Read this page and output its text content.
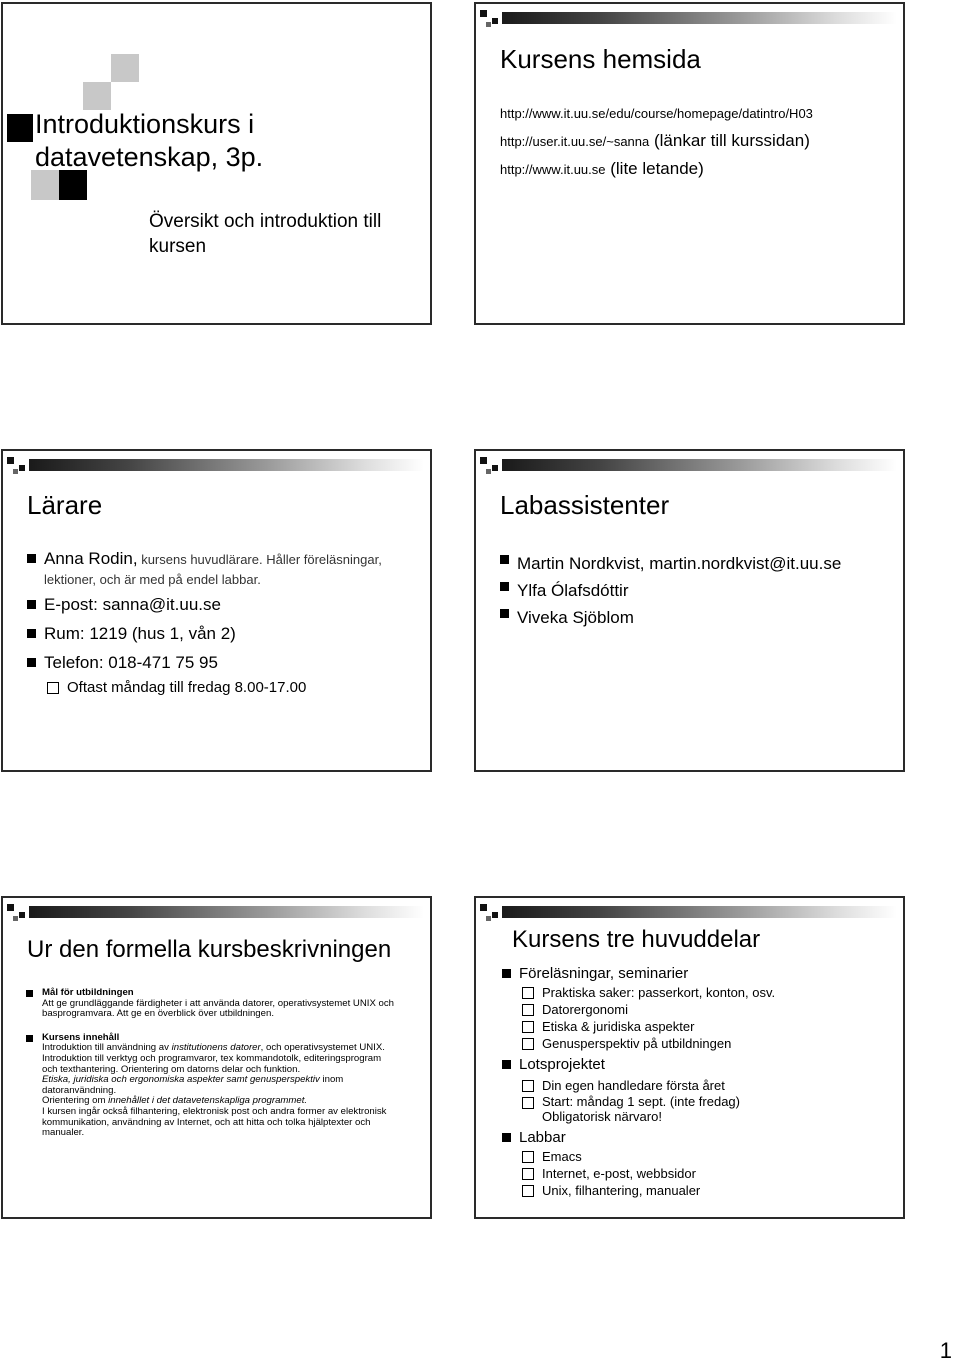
Introduktionskurs i
datavetenskap, 3p.
Översikt och introduktion till kursen
Kursens hemsida
http://www.it.uu.se/edu/course/homepage/datintro/H03
http://user.it.uu.se/~sanna (länkar till kurssidan)
http://www.it.uu.se (lite letande)
Lärare
Anna Rodin, kursens huvudlärare. Håller föreläsningar, lektioner, och är med på endel labbar.
E-post: sanna@it.uu.se
Rum: 1219 (hus 1, vån 2)
Telefon: 018-471 75 95
Oftast måndag till fredag 8.00-17.00
Labassistenter
Martin Nordkvist, martin.nordkvist@it.uu.se
Ylfa Ólafsdóttir
Viveka Sjöblom
Ur den formella kursbeskrivningen
Mål för utbildningen
Att ge grundläggande färdigheter i att använda datorer, operativsystemet UNIX och basprogramvara. Att ge en överblick över utbildningen.
Kursens innehåll
Introduktion till användning av institutionens datorer, och operativsystemet UNIX. Introduktion till verktyg och programvaror, tex kommandotolk, editeringsprogram och texthantering. Orientering om datorns delar och funktion.
Etiska, juridiska och ergonomiska aspekter samt genusperspektiv inom datoranvändning.
Orientering om innehållet i det datavetenskapliga programmet.
I kursen ingår också filhantering, elektronisk post och andra former av elektronisk kommunikation, användning av Internet, och att hitta och tolka hjälptexter och manualer.
Kursens tre huvuddelar
Föreläsningar, seminarier
Praktiska saker: passerkort, konton, osv.
Datorergonomi
Etiska & juridiska aspekter
Genusperspektiv på utbildningen
Lotsprojektet
Din egen handledare första året
Start: måndag 1 sept. (inte fredag) Obligatorisk närvaro!
Labbar
Emacs
Internet, e-post, webbsidor
Unix, filhantering, manualer
1
